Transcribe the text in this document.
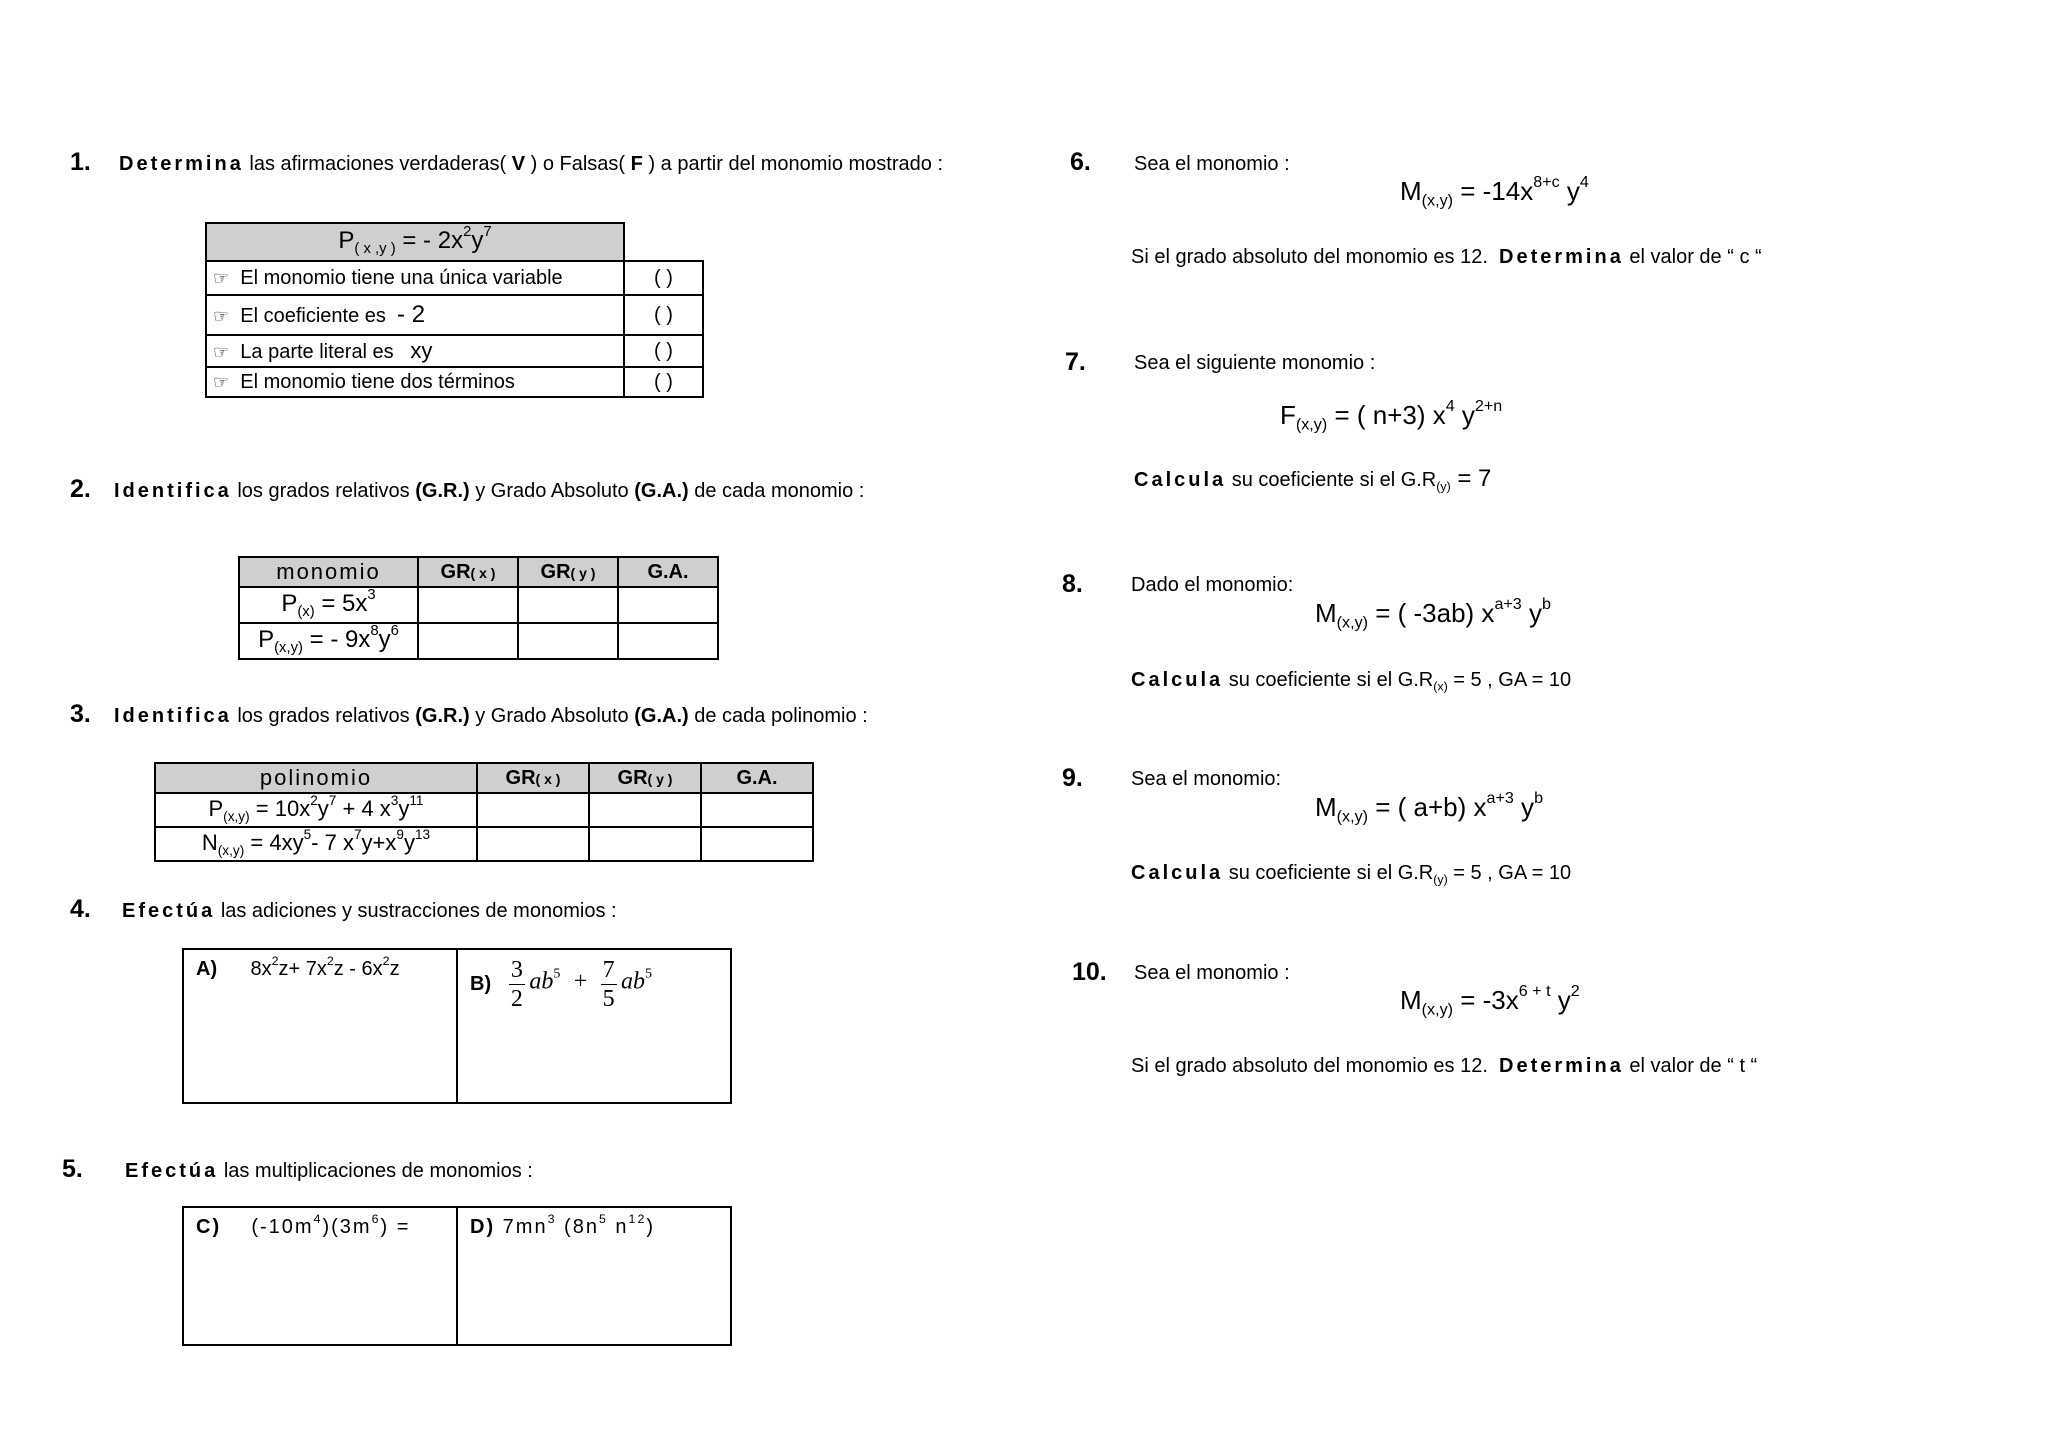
1. Determina las afirmaciones verdaderas( V ) o Falsas( F ) a partir del monomio mostrado :
$P_{( x ,y )}$ = - $2x^2y^7$	
☞ El monomio tiene una única variable	( )
☞ El coeficiente es - 2	( )
☞ La parte literal es xy	( )
☞ El monomio tiene dos términos	( )
2. Identifica los grados relativos (G.R.) y Grado Absoluto (G.A.) de cada monomio :
monomio	GR( x )	GR( y )	G.A.
$P_{(x)} = 5x^3$			
$P_{(x,y)}$ = - $9x^8y^6$			
3. Identifica los grados relativos (G.R.) y Grado Absoluto (G.A.) de cada polinomio :
polinomio	GR( x )	GR( y )	G.A.
$P_{(x,y)} = 10x^2y^7 + 4$ $x^3y^{11}$			
$N_{(x,y)} = 4xy^5-$ 7 $x^7y+x^9y^{13}$			
4. Efectúa las adiciones y sustracciones de monomios :
A) $8x^2z+ 7x^2z - 6x^2z$
$B) \frac{3}{2} ab^5 + \frac{7}{5} ab^5$
5. Efectúa las multiplicaciones de monomios :
C) $(-10m^4)(3m^6)$ =	D) $7mn^3$ ($8n^5$ $n^{12}$)
6. Sea el monomio :
$M_{(x,y)} = -14x^{8+c}$ $y^4$
Si el grado absoluto del monomio es 12. Determina el valor de “ c “
7. Sea el siguiente monomio :
$F_{(x,y)}$ = ( n+3) $x^4$ $y^{2+n}$
Calcula su coeficiente si el $G.R_{(y)} = 7$
8. Dado el monomio:
$M_{(x,y)}$ = ( -3ab) $x^{a+3}$ $y^b$
Calcula su coeficiente si el $G.R_{(x)} = 5$ , GA = 10
9. Sea el monomio:
$M_{(x,y)}$ = ( a+b) $x^{a+3}$ $y^b$
Calcula su coeficiente si el $G.R_{(y)} = 5$ , GA = 10
10. Sea el monomio :
$M_{(x,y)} = -3x^{6 + t}$ $y^2$
Si el grado absoluto del monomio es 12. Determina el valor de “ t “
